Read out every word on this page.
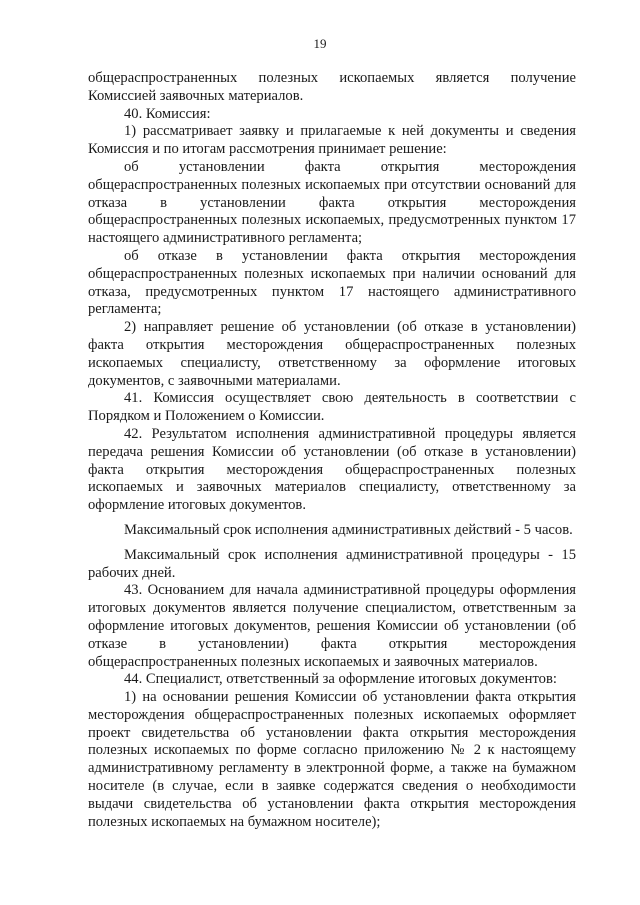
19

общераспространенных полезных ископаемых является получение Комиссией заявочных материалов.

40. Комиссия:

1) рассматривает заявку и прилагаемые к ней документы и сведения Комиссия и по итогам рассмотрения принимает решение:

об установлении факта открытия месторождения общераспространенных полезных ископаемых при отсутствии оснований для отказа в установлении факта открытия месторождения общераспространенных полезных ископаемых, предусмотренных пунктом 17 настоящего административного регламента;

об отказе в установлении факта открытия месторождения общераспространенных полезных ископаемых при наличии оснований для отказа, предусмотренных пунктом 17 настоящего административного регламента;

2) направляет решение об установлении (об отказе в установлении) факта открытия месторождения общераспространенных полезных ископаемых специалисту, ответственному за оформление итоговых документов, с заявочными материалами.

41. Комиссия осуществляет свою деятельность в соответствии с Порядком и Положением о Комиссии.

42. Результатом исполнения административной процедуры является передача решения Комиссии об установлении (об отказе в установлении) факта открытия месторождения общераспространенных полезных ископаемых и заявочных материалов специалисту, ответственному за оформление итоговых документов.

Максимальный срок исполнения административных действий - 5 часов.

Максимальный срок исполнения административной процедуры - 15 рабочих дней.

43. Основанием для начала административной процедуры оформления итоговых документов является получение специалистом, ответственным за оформление итоговых документов, решения Комиссии об установлении (об отказе в установлении) факта открытия месторождения общераспространенных полезных ископаемых и заявочных материалов.

44. Специалист, ответственный за оформление итоговых документов:

1) на основании решения Комиссии об установлении факта открытия месторождения общераспространенных полезных ископаемых оформляет проект свидетельства об установлении факта открытия месторождения полезных ископаемых по форме согласно приложению № 2 к настоящему административному регламенту в электронной форме, а также на бумажном носителе (в случае, если в заявке содержатся сведения о необходимости выдачи свидетельства об установлении факта открытия месторождения полезных ископаемых на бумажном носителе);
